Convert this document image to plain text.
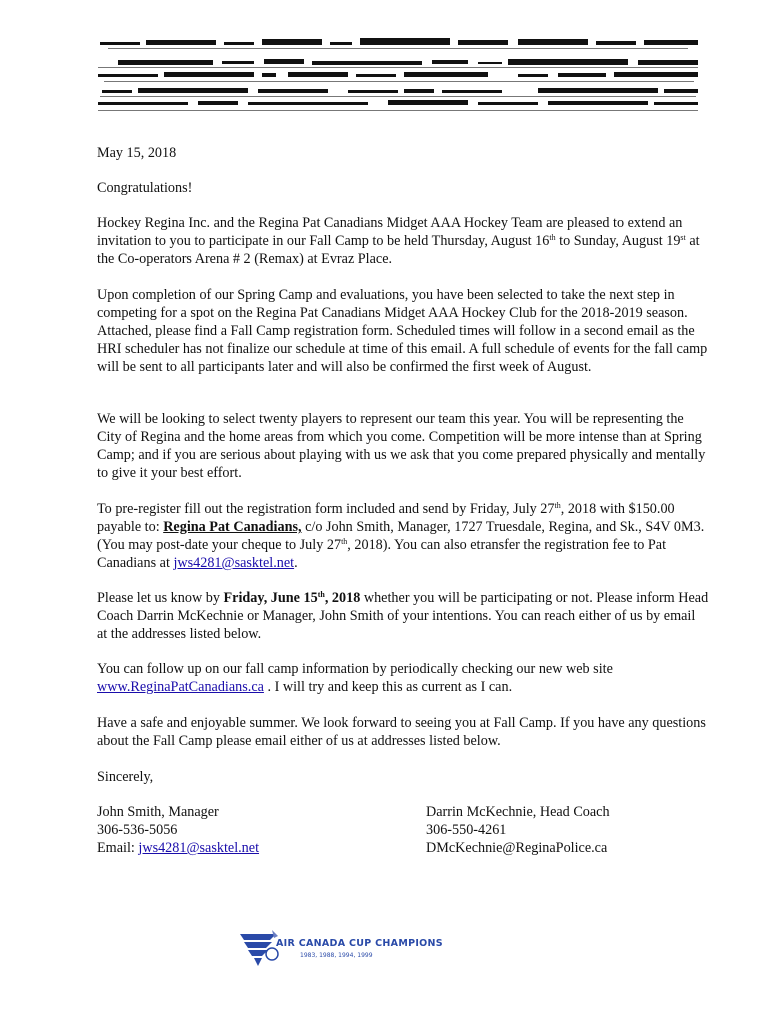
May 15, 2018
Congratulations!

Hockey Regina Inc. and the Regina Pat Canadians Midget AAA Hockey Team are pleased to extend an invitation to you to participate in our Fall Camp to be held Thursday, August 16th to Sunday, August 19st at the Co-operators Arena # 2 (Remax) at Evraz Place.

Upon completion of our Spring Camp and evaluations, you have been selected to take the next step in competing for a spot on the Regina Pat Canadians Midget AAA Hockey Club for the 2018-2019 season. Attached, please find a Fall Camp registration form. Scheduled times will follow in a second email as the HRI scheduler has not finalize our schedule at time of this email. A full schedule of events for the fall camp will be sent to all participants later and will also be confirmed the first week of August.

We will be looking to select twenty players to represent our team this year. You will be representing the City of Regina and the home areas from which you come. Competition will be more intense than at Spring Camp; and if you are serious about playing with us we ask that you come prepared physically and mentally to give it your best effort.

To pre-register fill out the registration form included and send by Friday, July 27th, 2018 with $150.00 payable to: Regina Pat Canadians, c/o John Smith, Manager, 1727 Truesdale, Regina, and Sk., S4V 0M3. (You may post-date your cheque to July 27th, 2018). You can also etransfer the registration fee to Pat Canadians at jws4281@sasktel.net.

Please let us know by Friday, June 15th, 2018 whether you will be participating or not. Please inform Head Coach Darrin McKechnie or Manager, John Smith of your intentions. You can reach either of us by email at the addresses listed below.

You can follow up on our fall camp information by periodically checking our new web site www.ReginaPatCanadians.ca . I will try and keep this as current as I can.

Have a safe and enjoyable summer. We look forward to seeing you at Fall Camp. If you have any questions about the Fall Camp please email either of us at addresses listed below.

Sincerely,
John Smith, Manager
306-536-5056
Email: jws4281@sasktel.net
Darrin McKechnie, Head Coach
306-550-4261
DMcKechnie@ReginaPolice.ca
AIR CANADA CUP CHAMPIONS
1983, 1988, 1994, 1999
